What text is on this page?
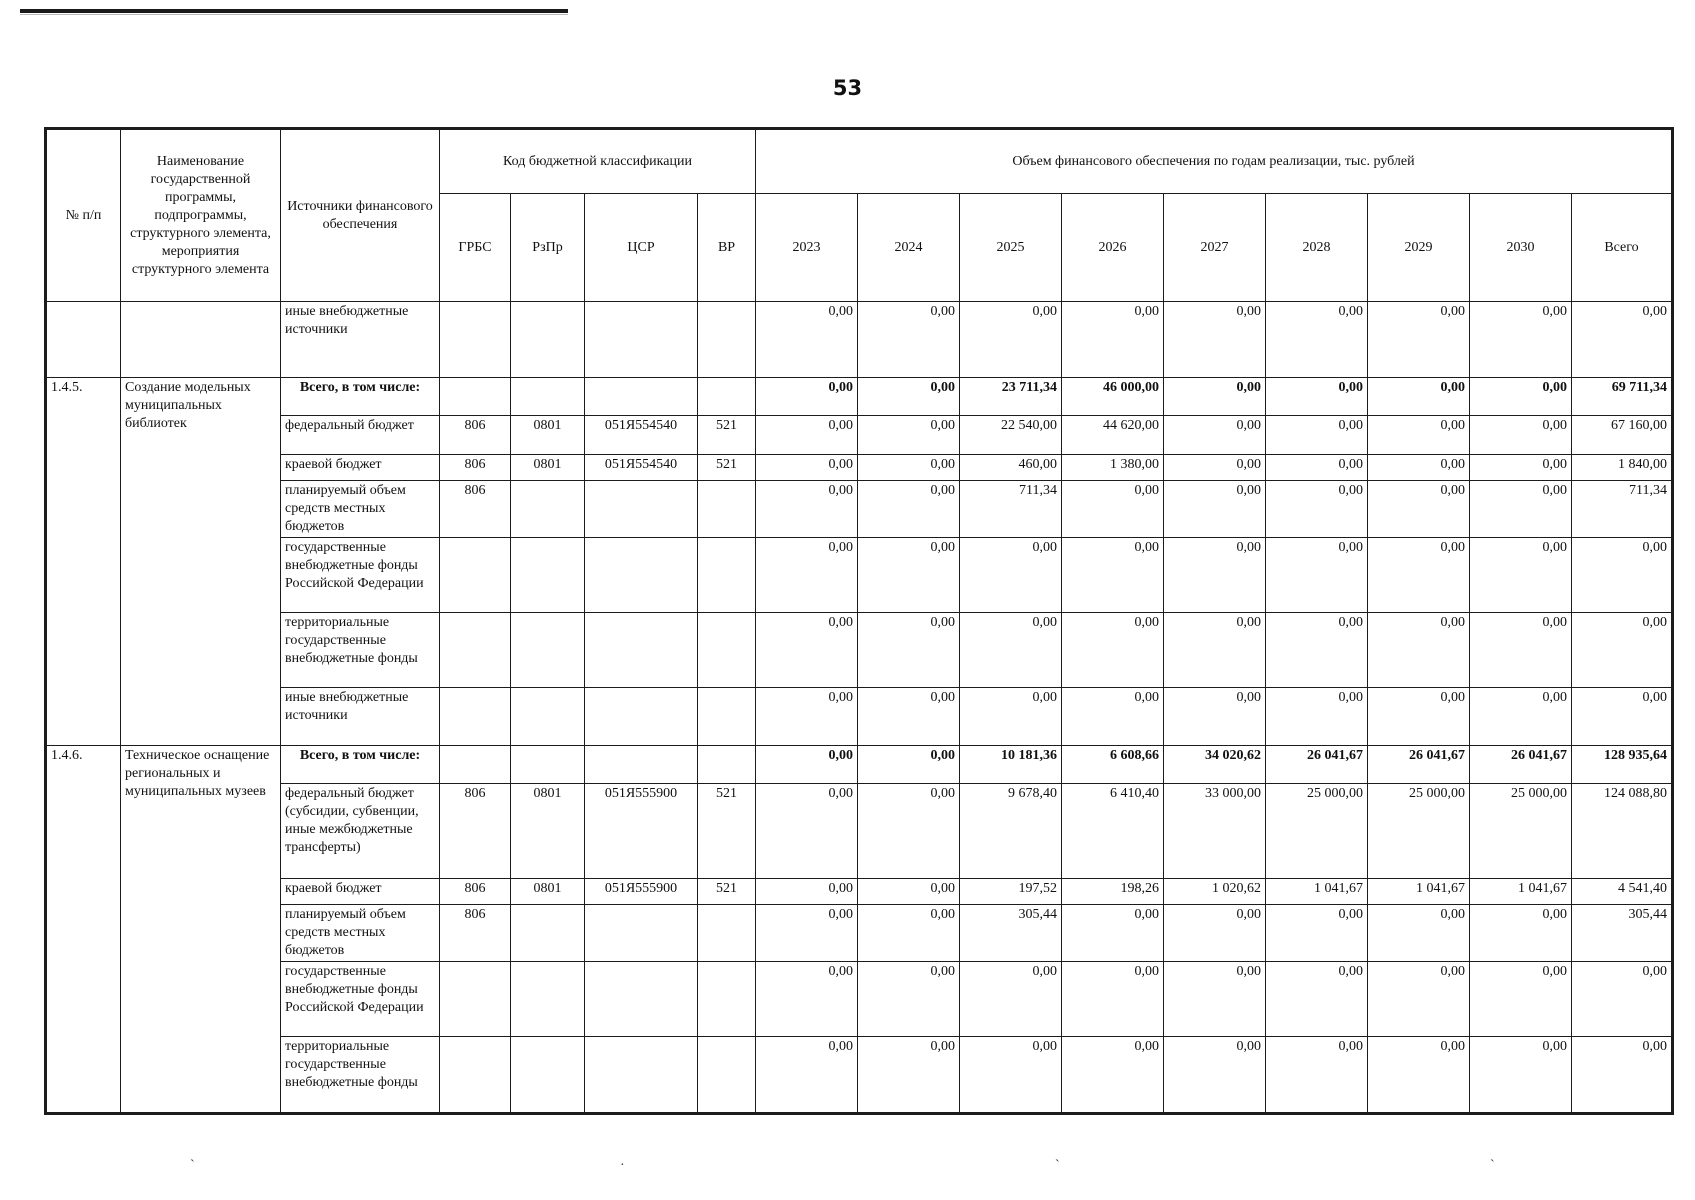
53
№ п/п	Наименование государственной программы, подпрограммы, структурного элемента, мероприятия структурного элемента	Источники финансового обеспечения	Код бюджетной классификации				Объем финансового обеспечения по годам реализации, тыс. рублей								
			ГРБС	РзПр	ЦСР	ВР	2023	2024	2025	2026	2027	2028	2029	2030	Всего
		иные внебюджетные источники					0,00	0,00	0,00	0,00	0,00	0,00	0,00	0,00	0,00
1.4.5.	Создание модельных муниципальных библиотек	Всего, в том числе:					0,00	0,00	23 711,34	46 000,00	0,00	0,00	0,00	0,00	69 711,34
		федеральный бюджет	806	0801	051Я554540	521	0,00	0,00	22 540,00	44 620,00	0,00	0,00	0,00	0,00	67 160,00
		краевой бюджет	806	0801	051Я554540	521	0,00	0,00	460,00	1 380,00	0,00	0,00	0,00	0,00	1 840,00
		планируемый объем средств местных бюджетов	806				0,00	0,00	711,34	0,00	0,00	0,00	0,00	0,00	711,34
		государственные внебюджетные фонды Российской Федерации					0,00	0,00	0,00	0,00	0,00	0,00	0,00	0,00	0,00
		территориальные государственные внебюджетные фонды					0,00	0,00	0,00	0,00	0,00	0,00	0,00	0,00	0,00
		иные внебюджетные источники					0,00	0,00	0,00	0,00	0,00	0,00	0,00	0,00	0,00
1.4.6.	Техническое оснащение региональных и муниципальных музеев	Всего, в том числе:					0,00	0,00	10 181,36	6 608,66	34 020,62	26 041,67	26 041,67	26 041,67	128 935,64
		федеральный бюджет (субсидии, субвенции, иные межбюджетные трансферты)	806	0801	051Я555900	521	0,00	0,00	9 678,40	6 410,40	33 000,00	25 000,00	25 000,00	25 000,00	124 088,80
		краевой бюджет	806	0801	051Я555900	521	0,00	0,00	197,52	198,26	1 020,62	1 041,67	1 041,67	1 041,67	4 541,40
		планируемый объем средств местных бюджетов	806				0,00	0,00	305,44	0,00	0,00	0,00	0,00	0,00	305,44
		государственные внебюджетные фонды Российской Федерации					0,00	0,00	0,00	0,00	0,00	0,00	0,00	0,00	0,00
		территориальные государственные внебюджетные фонды					0,00	0,00	0,00	0,00	0,00	0,00	0,00	0,00	0,00
ˋ	·	ˋ	ˋ
